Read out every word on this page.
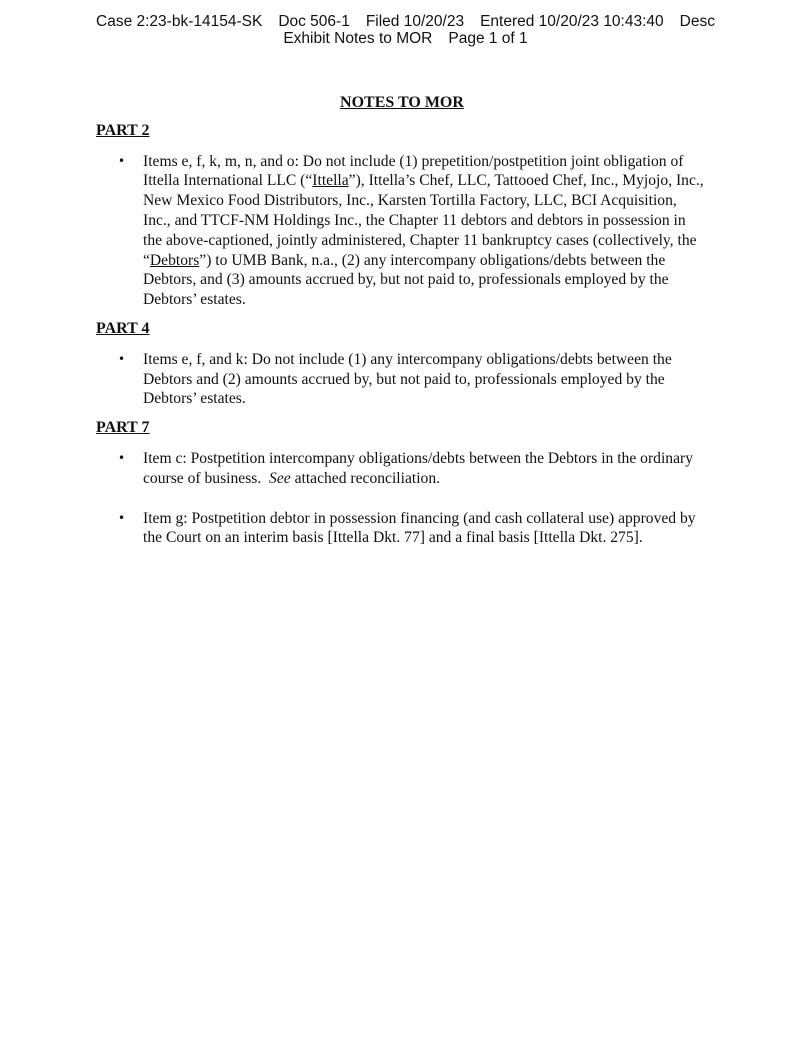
Case 2:23-bk-14154-SK Doc 506-1 Filed 10/20/23 Entered 10/20/23 10:43:40 Desc
Exhibit Notes to MOR Page 1 of 1

NOTES TO MOR

PART 2

• Items e, f, k, m, n, and o: Do not include (1) prepetition/postpetition joint obligation of Ittella International LLC (“Ittella”), Ittella’s Chef, LLC, Tattooed Chef, Inc., Myjojo, Inc., New Mexico Food Distributors, Inc., Karsten Tortilla Factory, LLC, BCI Acquisition, Inc., and TTCF-NM Holdings Inc., the Chapter 11 debtors and debtors in possession in the above-captioned, jointly administered, Chapter 11 bankruptcy cases (collectively, the “Debtors”) to UMB Bank, n.a., (2) any intercompany obligations/debts between the Debtors, and (3) amounts accrued by, but not paid to, professionals employed by the Debtors’ estates.

PART 4

• Items e, f, and k: Do not include (1) any intercompany obligations/debts between the Debtors and (2) amounts accrued by, but not paid to, professionals employed by the Debtors’ estates.

PART 7

• Item c: Postpetition intercompany obligations/debts between the Debtors in the ordinary course of business.  See attached reconciliation.
• Item g: Postpetition debtor in possession financing (and cash collateral use) approved by the Court on an interim basis [Ittella Dkt. 77] and a final basis [Ittella Dkt. 275].
